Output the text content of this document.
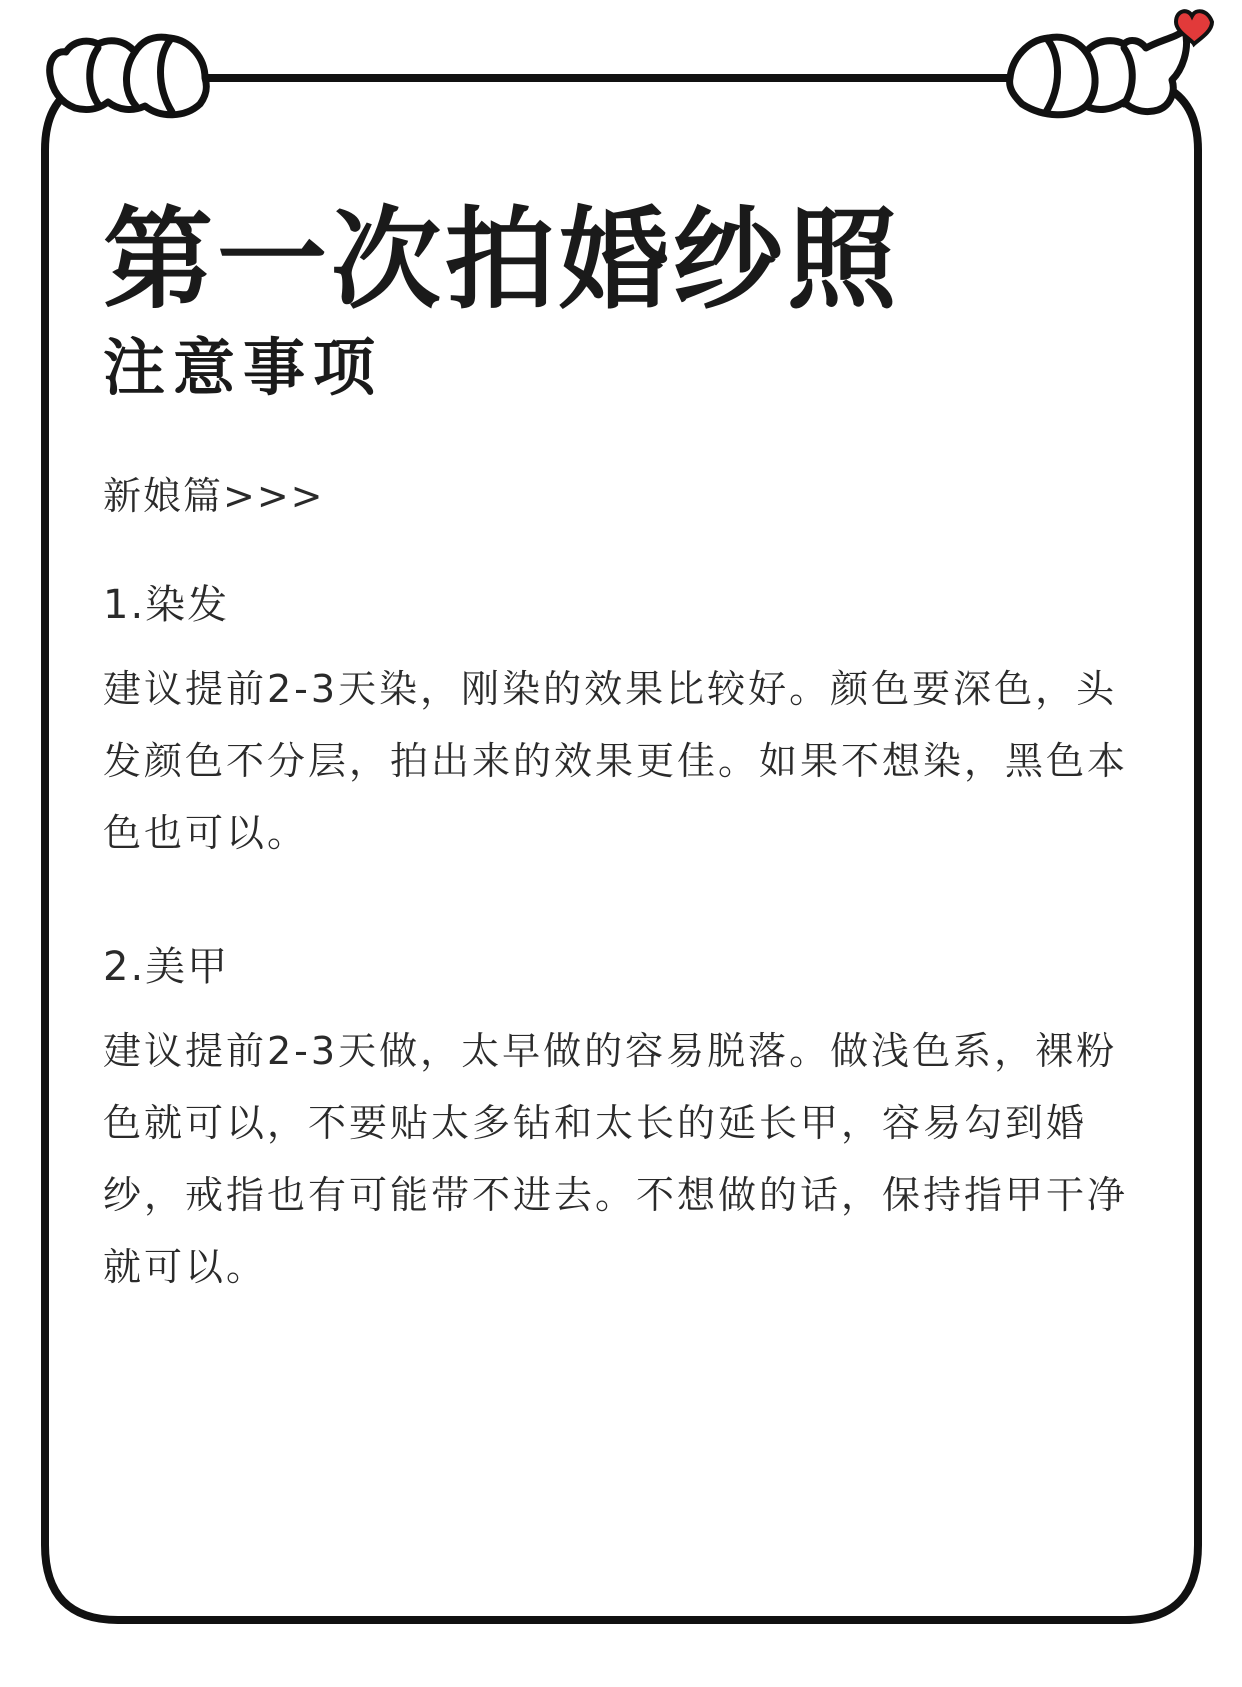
第一次拍婚纱照
注意事项
新娘篇>>>
1.染发

建议提前2-3天染，刚染的效果比较好。颜色要深色，头发颜色不分层，拍出来的效果更佳。如果不想染，黑色本色也可以。

2.美甲

建议提前2-3天做，太早做的容易脱落。做浅色系，裸粉色就可以，不要贴太多钻和太长的延长甲，容易勾到婚纱，戒指也有可能带不进去。不想做的话，保持指甲干净就可以。
